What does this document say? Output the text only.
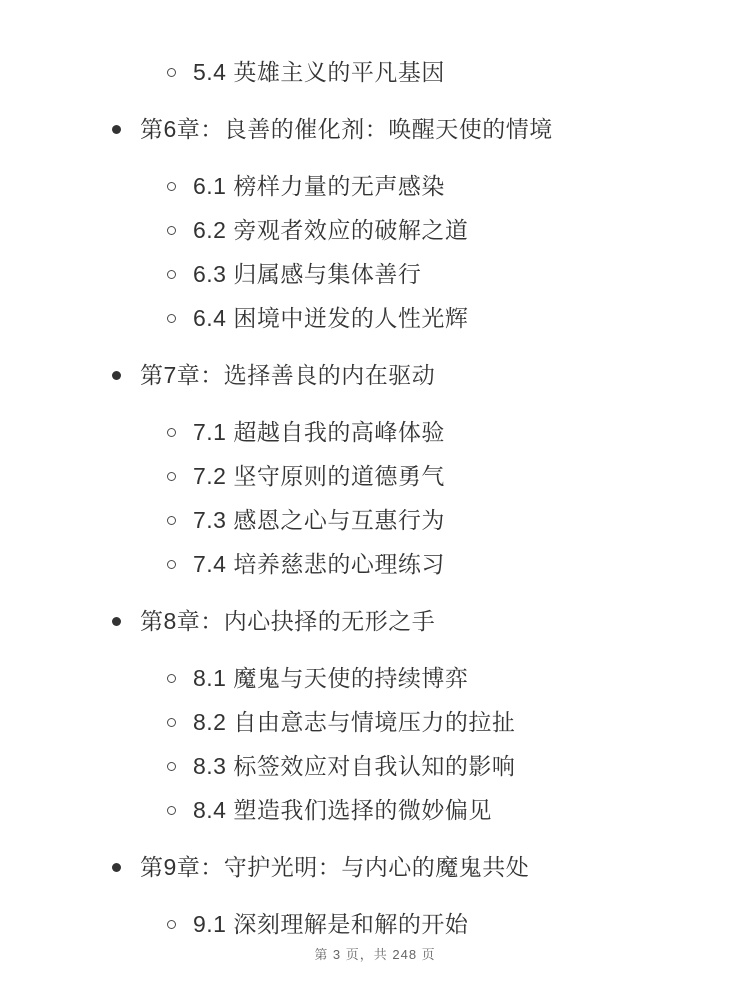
5.4 英雄主义的平凡基因
第6章：良善的催化剂：唤醒天使的情境
6.1 榜样力量的无声感染
6.2 旁观者效应的破解之道
6.3 归属感与集体善行
6.4 困境中迸发的人性光辉
第7章：选择善良的内在驱动
7.1 超越自我的高峰体验
7.2 坚守原则的道德勇气
7.3 感恩之心与互惠行为
7.4 培养慈悲的心理练习
第8章：内心抉择的无形之手
8.1 魔鬼与天使的持续博弈
8.2 自由意志与情境压力的拉扯
8.3 标签效应对自我认知的影响
8.4 塑造我们选择的微妙偏见
第9章：守护光明：与内心的魔鬼共处
9.1 深刻理解是和解的开始
第 3 页，共 248 页
